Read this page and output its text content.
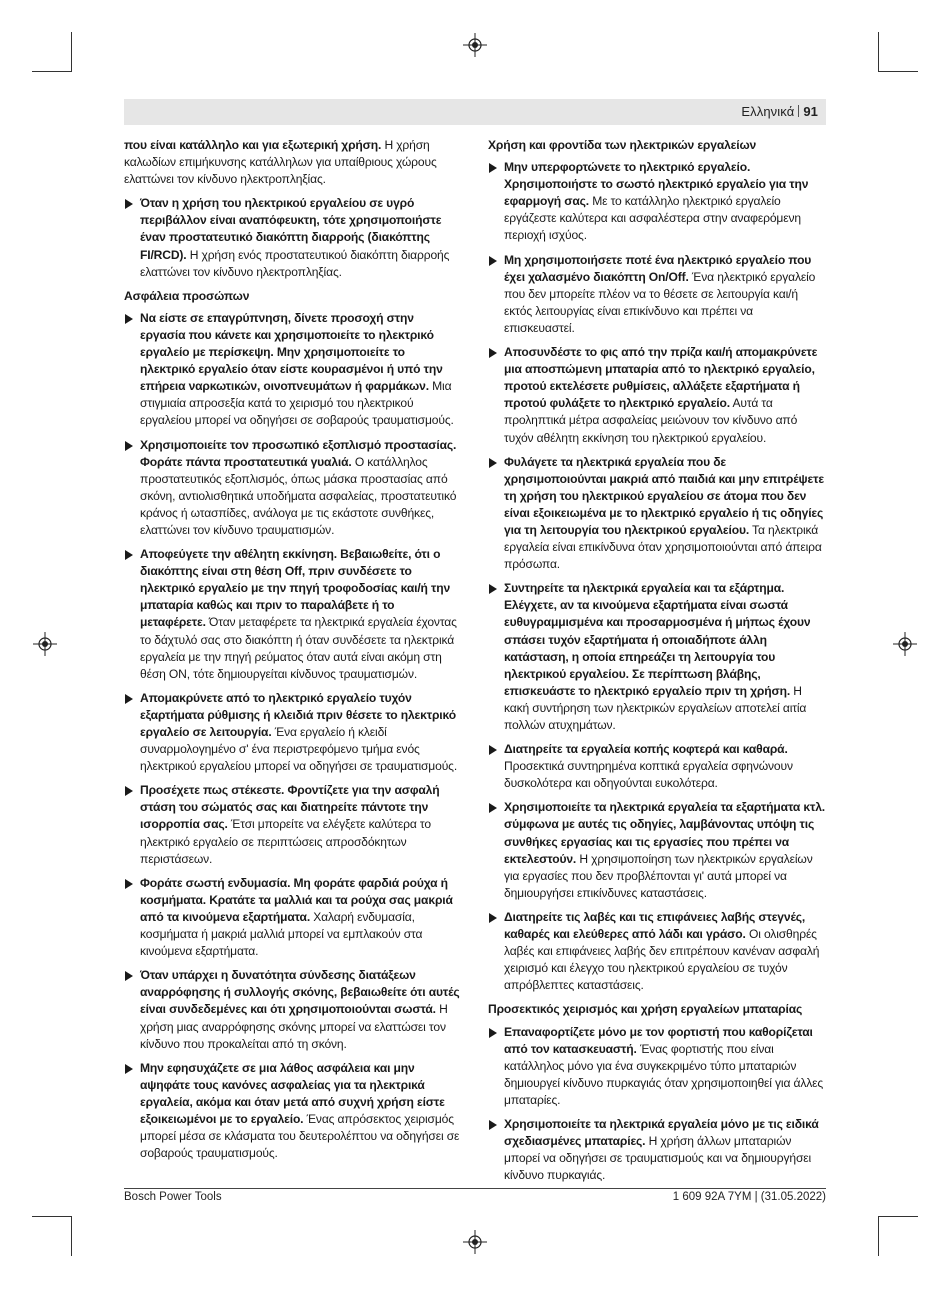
Ελληνικά 91
που είναι κατάλληλο και για εξωτερική χρήση. Η χρήση καλωδίων επιμήκυνσης κατάλληλων για υπαίθριους χώρους ελαττώνει τον κίνδυνο ηλεκτροπληξίας.
Όταν η χρήση του ηλεκτρικού εργαλείου σε υγρό περιβάλλον είναι αναπόφευκτη, τότε χρησιμοποιήστε έναν προστατευτικό διακόπτη διαρροής (διακόπτης FI/RCD). Η χρήση ενός προστατευτικού διακόπτη διαρροής ελαττώνει τον κίνδυνο ηλεκτροπληξίας.
Ασφάλεια προσώπων
Να είστε σε επαγρύπνηση, δίνετε προσοχή στην εργασία που κάνετε και χρησιμοποιείτε το ηλεκτρικό εργαλείο με περίσκεψη. Μην χρησιμοποιείτε το ηλεκτρικό εργαλείο όταν είστε κουρασμένοι ή υπό την επήρεια ναρκωτικών, οινοπνευμάτων ή φαρμάκων. Μια στιγμιαία απροσεξία κατά το χειρισμό του ηλεκτρικού εργαλείου μπορεί να οδηγήσει σε σοβαρούς τραυματισμούς.
Χρησιμοποιείτε τον προσωπικό εξοπλισμό προστασίας. Φοράτε πάντα προστατευτικά γυαλιά. Ο κατάλληλος προστατευτικός εξοπλισμός, όπως μάσκα προστασίας από σκόνη, αντιολισθητικά υποδήματα ασφαλείας, προστατευτικό κράνος ή ωτασπίδες, ανάλογα με τις εκάστοτε συνθήκες, ελαττώνει τον κίνδυνο τραυματισμών.
Αποφεύγετε την αθέλητη εκκίνηση. Βεβαιωθείτε, ότι ο διακόπτης είναι στη θέση Off, πριν συνδέσετε το ηλεκτρικό εργαλείο με την πηγή τροφοδοσίας και/ή την μπαταρία καθώς και πριν το παραλάβετε ή το μεταφέρετε. Όταν μεταφέρετε τα ηλεκτρικά εργαλεία έχοντας το δάχτυλό σας στο διακόπτη ή όταν συνδέσετε τα ηλεκτρικά εργαλεία με την πηγή ρεύματος όταν αυτά είναι ακόμη στη θέση ON, τότε δημιουργείται κίνδυνος τραυματισμών.
Απομακρύνετε από το ηλεκτρικό εργαλείο τυχόν εξαρτήματα ρύθμισης ή κλειδιά πριν θέσετε το ηλεκτρικό εργαλείο σε λειτουργία. Ένα εργαλείο ή κλειδί συναρμολογημένο σ' ένα περιστρεφόμενο τμήμα ενός ηλεκτρικού εργαλείου μπορεί να οδηγήσει σε τραυματισμούς.
Προσέχετε πως στέκεστε. Φροντίζετε για την ασφαλή στάση του σώματός σας και διατηρείτε πάντοτε την ισορροπία σας. Έτσι μπορείτε να ελέγξετε καλύτερα το ηλεκτρικό εργαλείο σε περιπτώσεις απροσδόκητων περιστάσεων.
Φοράτε σωστή ενδυμασία. Μη φοράτε φαρδιά ρούχα ή κοσμήματα. Κρατάτε τα μαλλιά και τα ρούχα σας μακριά από τα κινούμενα εξαρτήματα. Χαλαρή ενδυμασία, κοσμήματα ή μακριά μαλλιά μπορεί να εμπλακούν στα κινούμενα εξαρτήματα.
Όταν υπάρχει η δυνατότητα σύνδεσης διατάξεων αναρρόφησης ή συλλογής σκόνης, βεβαιωθείτε ότι αυτές είναι συνδεδεμένες και ότι χρησιμοποιούνται σωστά. Η χρήση μιας αναρρόφησης σκόνης μπορεί να ελαττώσει τον κίνδυνο που προκαλείται από τη σκόνη.
Μην εφησυχάζετε σε μια λάθος ασφάλεια και μην αψηφάτε τους κανόνες ασφαλείας για τα ηλεκτρικά εργαλεία, ακόμα και όταν μετά από συχνή χρήση είστε εξοικειωμένοι με το εργαλείο. Ένας απρόσεκτος χειρισμός μπορεί μέσα σε κλάσματα του δευτερολέπτου να οδηγήσει σε σοβαρούς τραυματισμούς.
Χρήση και φροντίδα των ηλεκτρικών εργαλείων
Μην υπερφορτώνετε το ηλεκτρικό εργαλείο. Χρησιμοποιήστε το σωστό ηλεκτρικό εργαλείο για την εφαρμογή σας. Με το κατάλληλο ηλεκτρικό εργαλείο εργάζεστε καλύτερα και ασφαλέστερα στην αναφερόμενη περιοχή ισχύος.
Μη χρησιμοποιήσετε ποτέ ένα ηλεκτρικό εργαλείο που έχει χαλασμένο διακόπτη On/Off. Ένα ηλεκτρικό εργαλείο που δεν μπορείτε πλέον να το θέσετε σε λειτουργία και/ή εκτός λειτουργίας είναι επικίνδυνο και πρέπει να επισκευαστεί.
Αποσυνδέστε το φις από την πρίζα και/ή απομακρύνετε μια αποσπώμενη μπαταρία από το ηλεκτρικό εργαλείο, προτού εκτελέσετε ρυθμίσεις, αλλάξετε εξαρτήματα ή προτού φυλάξετε το ηλεκτρικό εργαλείο. Αυτά τα προληπτικά μέτρα ασφαλείας μειώνουν τον κίνδυνο από τυχόν αθέλητη εκκίνηση του ηλεκτρικού εργαλείου.
Φυλάγετε τα ηλεκτρικά εργαλεία που δε χρησιμοποιούνται μακριά από παιδιά και μην επιτρέψετε τη χρήση του ηλεκτρικού εργαλείου σε άτομα που δεν είναι εξοικειωμένα με το ηλεκτρικό εργαλείο ή τις οδηγίες για τη λειτουργία του ηλεκτρικού εργαλείου. Τα ηλεκτρικά εργαλεία είναι επικίνδυνα όταν χρησιμοποιούνται από άπειρα πρόσωπα.
Συντηρείτε τα ηλεκτρικά εργαλεία και τα εξάρτημα. Ελέγχετε, αν τα κινούμενα εξαρτήματα είναι σωστά ευθυγραμμισμένα και προσαρμοσμένα ή μήπως έχουν σπάσει τυχόν εξαρτήματα ή οποιαδήποτε άλλη κατάσταση, η οποία επηρεάζει τη λειτουργία του ηλεκτρικού εργαλείου. Σε περίπτωση βλάβης, επισκευάστε το ηλεκτρικό εργαλείο πριν τη χρήση. Η κακή συντήρηση των ηλεκτρικών εργαλείων αποτελεί αιτία πολλών ατυχημάτων.
Διατηρείτε τα εργαλεία κοπής κοφτερά και καθαρά. Προσεκτικά συντηρημένα κοπτικά εργαλεία σφηνώνουν δυσκολότερα και οδηγούνται ευκολότερα.
Χρησιμοποιείτε τα ηλεκτρικά εργαλεία τα εξαρτήματα κτλ. σύμφωνα με αυτές τις οδηγίες, λαμβάνοντας υπόψη τις συνθήκες εργασίας και τις εργασίες που πρέπει να εκτελεστούν. Η χρησιμοποίηση των ηλεκτρικών εργαλείων για εργασίες που δεν προβλέπονται γι' αυτά μπορεί να δημιουργήσει επικίνδυνες καταστάσεις.
Διατηρείτε τις λαβές και τις επιφάνειες λαβής στεγνές, καθαρές και ελεύθερες από λάδι και γράσο. Οι ολισθηρές λαβές και επιφάνειες λαβής δεν επιτρέπουν κανέναν ασφαλή χειρισμό και έλεγχο του ηλεκτρικού εργαλείου σε τυχόν απρόβλεπτες καταστάσεις.
Προσεκτικός χειρισμός και χρήση εργαλείων μπαταρίας
Επαναφορτίζετε μόνο με τον φορτιστή που καθορίζεται από τον κατασκευαστή. Ένας φορτιστής που είναι κατάλληλος μόνο για ένα συγκεκριμένο τύπο μπαταριών δημιουργεί κίνδυνο πυρκαγιάς όταν χρησιμοποιηθεί για άλλες μπαταρίες.
Χρησιμοποιείτε τα ηλεκτρικά εργαλεία μόνο με τις ειδικά σχεδιασμένες μπαταρίες. Η χρήση άλλων μπαταριών μπορεί να οδηγήσει σε τραυματισμούς και να δημιουργήσει κίνδυνο πυρκαγιάς.
Bosch Power Tools	1 609 92A 7YM | (31.05.2022)
